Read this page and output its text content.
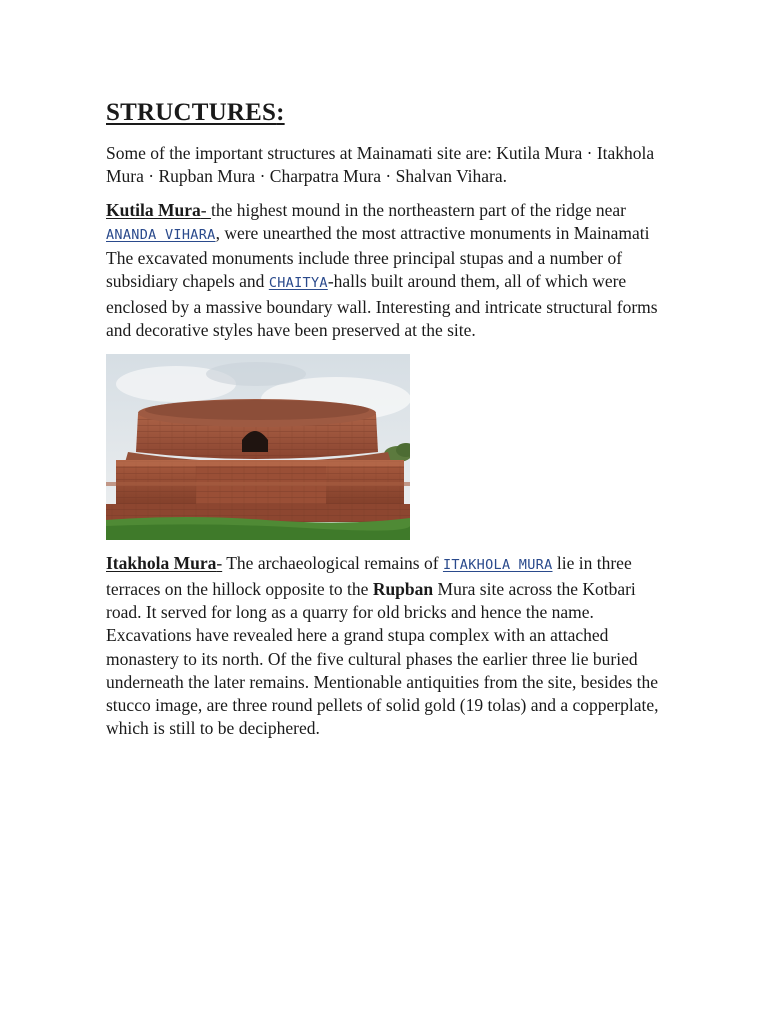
STRUCTURES:

Some of the important structures at Mainamati site are: Kutila Mura · Itakhola Mura · Rupban Mura · Charpatra Mura · Shalvan Vihara.

Kutila Mura- the highest mound in the northeastern part of the ridge near ANANDA VIHARA, were unearthed the most attractive monuments in Mainamati The excavated monuments include three principal stupas and a number of subsidiary chapels and CHAITYA-halls built around them, all of which were enclosed by a massive boundary wall. Interesting and intricate structural forms and decorative styles have been preserved at the site.

Itakhola Mura- The archaeological remains of ITAKHOLA MURA lie in three terraces on the hillock opposite to the Rupban Mura site across the Kotbari road. It served for long as a quarry for old bricks and hence the name. Excavations have revealed here a grand stupa complex with an attached monastery to its north. Of the five cultural phases the earlier three lie buried underneath the later remains. Mentionable antiquities from the site, besides the stucco image, are three round pellets of solid gold (19 tolas) and a copperplate, which is still to be deciphered.
